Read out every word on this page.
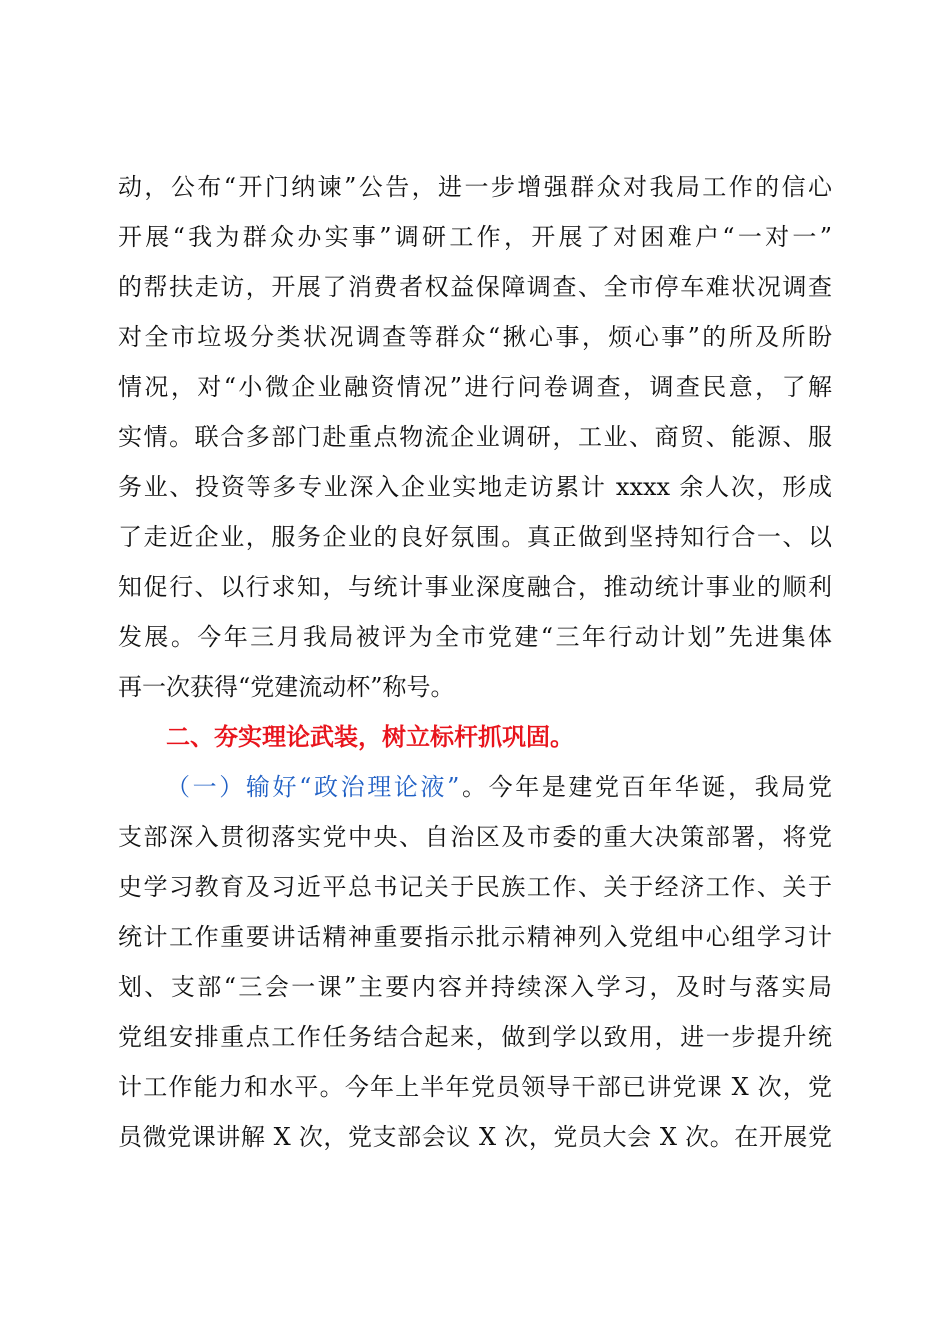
动，公布“开门纳谏”公告，进一步增强群众对我局工作的信心
开展“我为群众办实事”调研工作，开展了对困难户“一对一”
的帮扶走访，开展了消费者权益保障调查、全市停车难状况调查
对全市垃圾分类状况调查等群众“揪心事，烦心事”的所及所盼
情况，对“小微企业融资情况”进行问卷调查，调查民意，了解
实情。联合多部门赴重点物流企业调研，工业、商贸、能源、服
务业、投资等多专业深入企业实地走访累计 xxxx 余人次，形成
了走近企业，服务企业的良好氛围。真正做到坚持知行合一、以
知促行、以行求知，与统计事业深度融合，推动统计事业的顺利
发展。今年三月我局被评为全市党建“三年行动计划”先进集体
再一次获得“党建流动杯”称号。
二、夯实理论武装，树立标杆抓巩固。
（一）输好“政治理论液”。今年是建党百年华诞，我局党
支部深入贯彻落实党中央、自治区及市委的重大决策部署，将党
史学习教育及习近平总书记关于民族工作、关于经济工作、关于
统计工作重要讲话精神重要指示批示精神列入党组中心组学习计
划、支部“三会一课”主要内容并持续深入学习，及时与落实局
党组安排重点工作任务结合起来，做到学以致用，进一步提升统
计工作能力和水平。今年上半年党员领导干部已讲党课 X 次，党
员微党课讲解 X 次，党支部会议 X 次，党员大会 X 次。在开展党
